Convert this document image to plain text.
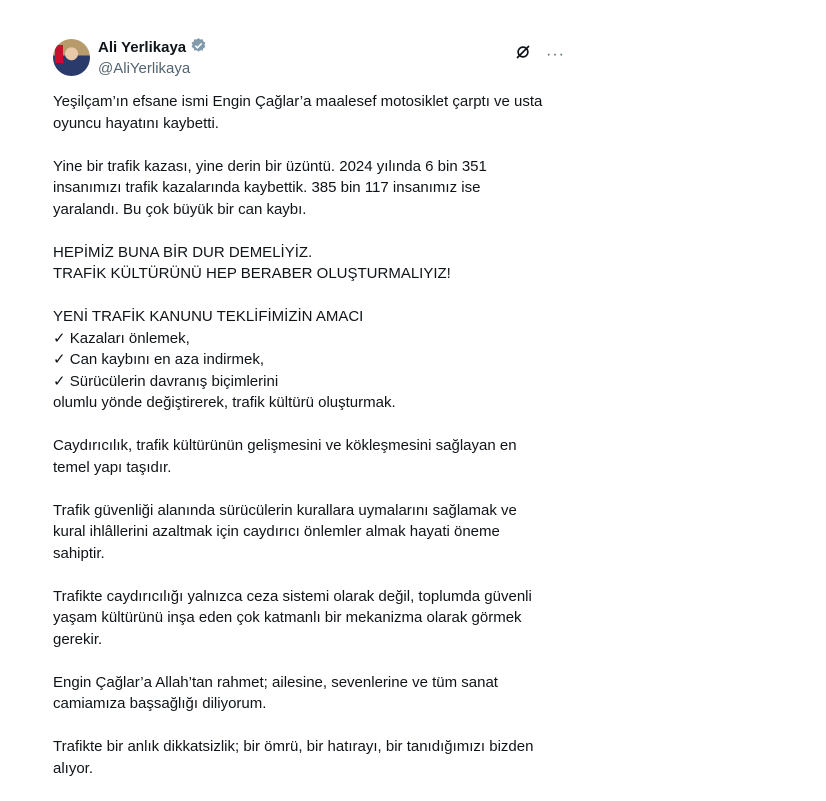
Ali Yerlikaya
@AliYerlikaya
···
Yeşilçam’ın efsane ismi Engin Çağlar’a maalesef motosiklet çarptı ve usta
oyuncu hayatını kaybetti.
Yine bir trafik kazası, yine derin bir üzüntü. 2024 yılında 6 bin 351
insanımızı trafik kazalarında kaybettik. 385 bin 117 insanımız ise
yaralandı. Bu çok büyük bir can kaybı.
HEPİMİZ BUNA BİR DUR DEMELİYİZ.
TRAFİK KÜLTÜRÜNÜ HEP BERABER OLUŞTURMALIYIZ!
YENİ TRAFİK KANUNU TEKLİFİMİZİN AMACI
✓ Kazaları önlemek,
✓ Can kaybını en aza indirmek,
✓ Sürücülerin davranış biçimlerini
olumlu yönde değiştirerek, trafik kültürü oluşturmak.
Caydırıcılık, trafik kültürünün gelişmesini ve kökleşmesini sağlayan en
temel yapı taşıdır.
Trafik güvenliği alanında sürücülerin kurallara uymalarını sağlamak ve
kural ihlâllerini azaltmak için caydırıcı önlemler almak hayati öneme
sahiptir.
Trafikte caydırıcılığı yalnızca ceza sistemi olarak değil, toplumda güvenli
yaşam kültürünü inşa eden çok katmanlı bir mekanizma olarak görmek
gerekir.
Engin Çağlar’a Allah’tan rahmet; ailesine, sevenlerine ve tüm sanat
camiamıza başsağlığı diliyorum.
Trafikte bir anlık dikkatsizlik; bir ömrü, bir hatırayı, bir tanıdığımızı bizden
alıyor.
